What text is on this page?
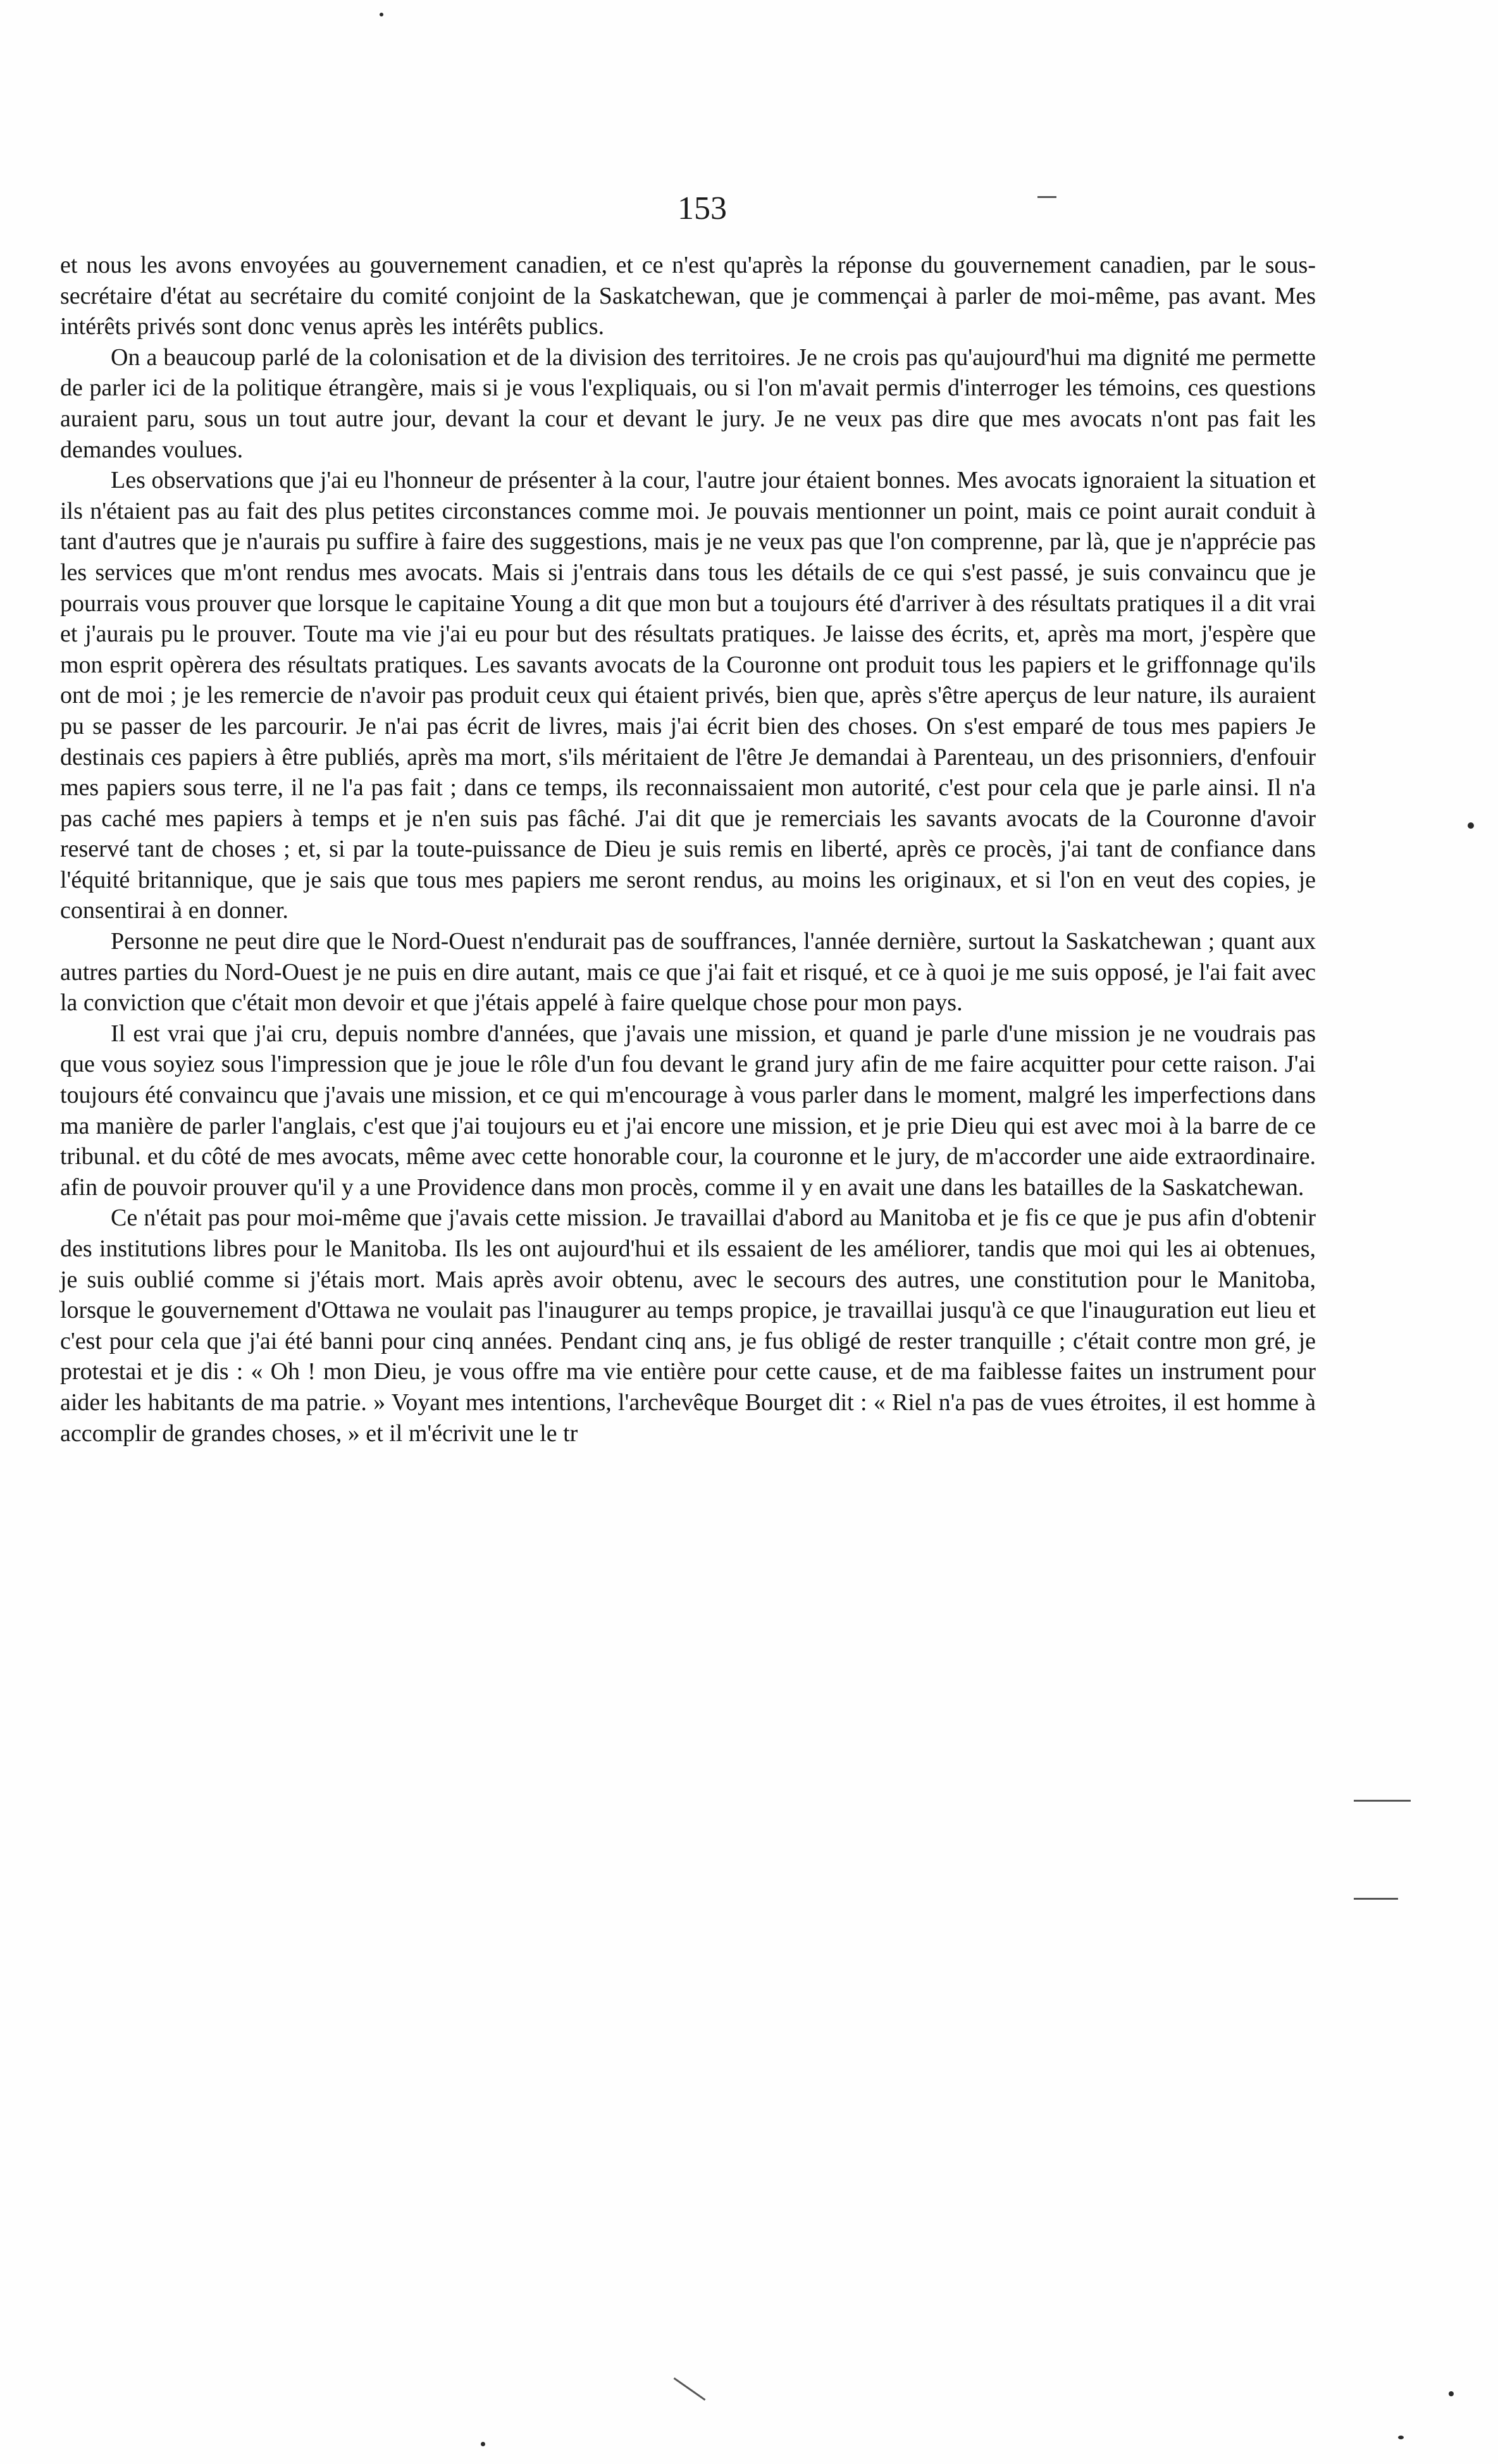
153

et nous les avons envoyées au gouvernement canadien, et ce n'est qu'après la réponse du gouvernement canadien, par le sous-secrétaire d'état au secrétaire du comité conjoint de la Saskatchewan, que je commençai à parler de moi-même, pas avant. Mes intérêts privés sont donc venus après les intérêts publics.

On a beaucoup parlé de la colonisation et de la division des territoires. Je ne crois pas qu'aujourd'hui ma dignité me permette de parler ici de la politique étrangère, mais si je vous l'expliquais, ou si l'on m'avait permis d'interroger les témoins, ces questions auraient paru, sous un tout autre jour, devant la cour et devant le jury. Je ne veux pas dire que mes avocats n'ont pas fait les demandes voulues.

Les observations que j'ai eu l'honneur de présenter à la cour, l'autre jour étaient bonnes. Mes avocats ignoraient la situation et ils n'étaient pas au fait des plus petites circonstances comme moi. Je pouvais mentionner un point, mais ce point aurait conduit à tant d'autres que je n'aurais pu suffire à faire des suggestions, mais je ne veux pas que l'on comprenne, par là, que je n'apprécie pas les services que m'ont rendus mes avocats. Mais si j'entrais dans tous les détails de ce qui s'est passé, je suis convaincu que je pourrais vous prouver que lorsque le capitaine Young a dit que mon but a toujours été d'arriver à des résultats pratiques il a dit vrai et j'aurais pu le prouver. Toute ma vie j'ai eu pour but des résultats pratiques. Je laisse des écrits, et, après ma mort, j'espère que mon esprit opèrera des résultats pratiques. Les savants avocats de la Couronne ont produit tous les papiers et le griffonnage qu'ils ont de moi ; je les remercie de n'avoir pas produit ceux qui étaient privés, bien que, après s'être aperçus de leur nature, ils auraient pu se passer de les parcourir. Je n'ai pas écrit de livres, mais j'ai écrit bien des choses. On s'est emparé de tous mes papiers Je destinais ces papiers à être publiés, après ma mort, s'ils méritaient de l'être Je demandai à Parenteau, un des prisonniers, d'enfouir mes papiers sous terre, il ne l'a pas fait ; dans ce temps, ils reconnaissaient mon autorité, c'est pour cela que je parle ainsi. Il n'a pas caché mes papiers à temps et je n'en suis pas fâché. J'ai dit que je remerciais les savants avocats de la Couronne d'avoir reservé tant de choses ; et, si par la toute-puissance de Dieu je suis remis en liberté, après ce procès, j'ai tant de confiance dans l'équité britannique, que je sais que tous mes papiers me seront rendus, au moins les originaux, et si l'on en veut des copies, je consentirai à en donner.

Personne ne peut dire que le Nord-Ouest n'endurait pas de souffrances, l'année dernière, surtout la Saskatchewan ; quant aux autres parties du Nord-Ouest je ne puis en dire autant, mais ce que j'ai fait et risqué, et ce à quoi je me suis opposé, je l'ai fait avec la conviction que c'était mon devoir et que j'étais appelé à faire quelque chose pour mon pays.

Il est vrai que j'ai cru, depuis nombre d'années, que j'avais une mission, et quand je parle d'une mission je ne voudrais pas que vous soyiez sous l'impression que je joue le rôle d'un fou devant le grand jury afin de me faire acquitter pour cette raison. J'ai toujours été convaincu que j'avais une mission, et ce qui m'encourage à vous parler dans le moment, malgré les imperfections dans ma manière de parler l'anglais, c'est que j'ai toujours eu et j'ai encore une mission, et je prie Dieu qui est avec moi à la barre de ce tribunal. et du côté de mes avocats, même avec cette honorable cour, la couronne et le jury, de m'accorder une aide extraordinaire. afin de pouvoir prouver qu'il y a une Providence dans mon procès, comme il y en avait une dans les batailles de la Saskatchewan.

Ce n'était pas pour moi-même que j'avais cette mission. Je travaillai d'abord au Manitoba et je fis ce que je pus afin d'obtenir des institutions libres pour le Manitoba. Ils les ont aujourd'hui et ils essaient de les améliorer, tandis que moi qui les ai obtenues, je suis oublié comme si j'étais mort. Mais après avoir obtenu, avec le secours des autres, une constitution pour le Manitoba, lorsque le gouvernement d'Ottawa ne voulait pas l'inaugurer au temps propice, je travaillai jusqu'à ce que l'inauguration eut lieu et c'est pour cela que j'ai été banni pour cinq années. Pendant cinq ans, je fus obligé de rester tranquille ; c'était contre mon gré, je protestai et je dis : « Oh ! mon Dieu, je vous offre ma vie entière pour cette cause, et de ma faiblesse faites un instrument pour aider les habitants de ma patrie. » Voyant mes intentions, l'archevêque Bourget dit : « Riel n'a pas de vues étroites, il est homme à accomplir de grandes choses, » et il m'écrivit une le tr
